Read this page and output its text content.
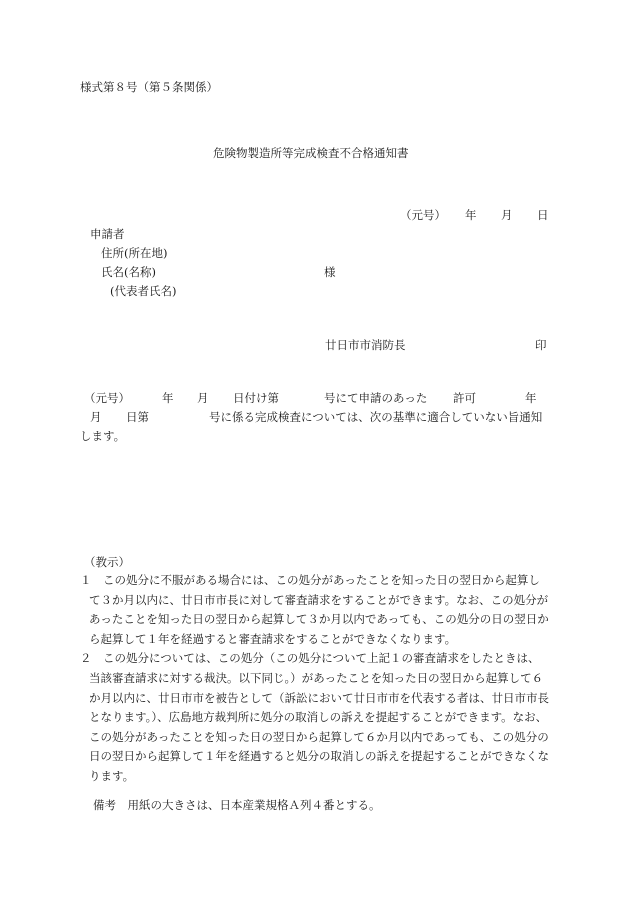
様式第８号（第５条関係）
危険物製造所等完成検査不合格通知書
（元号） 年 月 日
申請者
住所(所在地)
氏名(名称)	様
(代表者氏名)
廿日市市消防長	印
（元号）	年 月 日付け第	号にて申請のあった 許可	年
月 日第	号に係る完成検査については、次の基準に適合していない旨通知
します。
（教示）
１　この処分に不服がある場合には、この処分があったことを知った日の翌日から起算して３か月以内に、廿日市市長に対して審査請求をすることができます。なお、この処分があったことを知った日の翌日から起算して３か月以内であっても、この処分の日の翌日から起算して１年を経過すると審査請求をすることができなくなります。
２　この処分については、この処分（この処分について上記１の審査請求をしたときは、当該審査請求に対する裁決。以下同じ。）があったことを知った日の翌日から起算して６か月以内に、廿日市市を被告として（訴訟において廿日市市を代表する者は、廿日市市長となります。）、広島地方裁判所に処分の取消しの訴えを提起することができます。なお、この処分があったことを知った日の翌日から起算して６か月以内であっても、この処分の日の翌日から起算して１年を経過すると処分の取消しの訴えを提起することができなくなります。
備考　用紙の大きさは、日本産業規格Ａ列４番とする。
